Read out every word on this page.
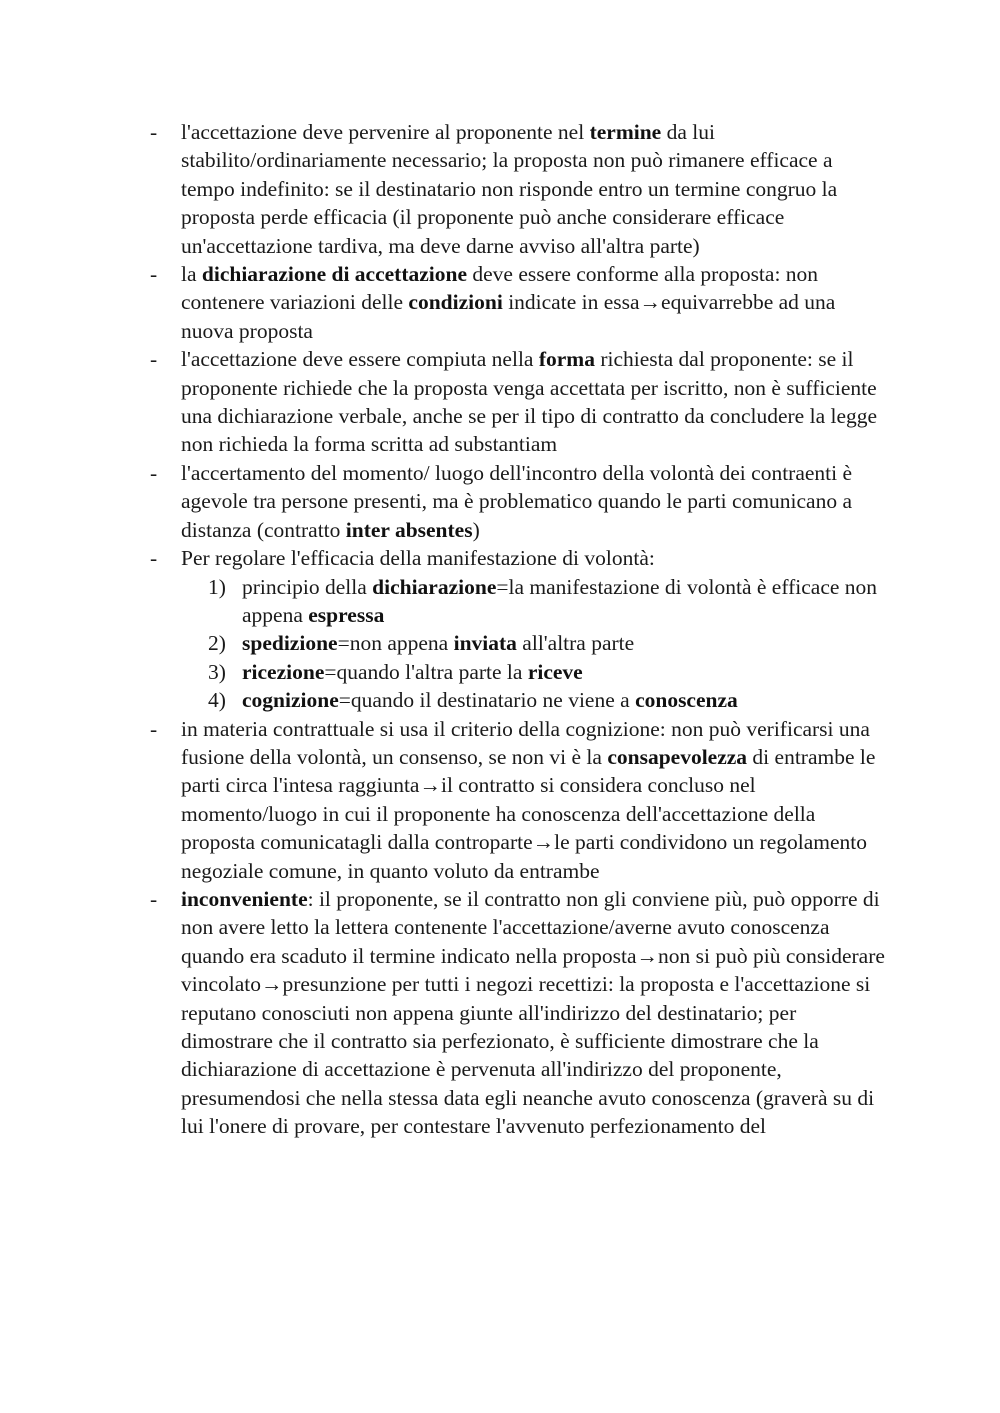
-	l'accettazione deve pervenire al proponente nel termine da lui stabilito/ordinariamente necessario; la proposta non può rimanere efficace a tempo indefinito: se il destinatario non risponde entro un termine congruo la proposta perde efficacia (il proponente può anche considerare efficace un'accettazione tardiva, ma deve darne avviso all'altra parte)
-	la dichiarazione di accettazione deve essere conforme alla proposta: non contenere variazioni delle condizioni indicate in essa→equivarrebbe ad una nuova proposta
-	l'accettazione deve essere compiuta nella forma richiesta dal proponente: se il proponente richiede che la proposta venga accettata per iscritto, non è sufficiente una dichiarazione verbale, anche se per il tipo di contratto da concludere la legge non richieda la forma scritta ad substantiam
-	l'accertamento del momento/ luogo dell'incontro della volontà dei contraenti è agevole tra persone presenti, ma è problematico quando le parti comunicano a distanza (contratto inter absentes)
-	Per regolare l'efficacia della manifestazione di volontà:
1) principio della dichiarazione=la manifestazione di volontà è efficace non appena espressa
2) spedizione=non appena inviata all'altra parte
3) ricezione=quando l'altra parte la riceve
4) cognizione=quando il destinatario ne viene a conoscenza
-	in materia contrattuale si usa il criterio della cognizione: non può verificarsi una fusione della volontà, un consenso, se non vi è la consapevolezza di entrambe le parti circa l'intesa raggiunta→il contratto si considera concluso nel momento/luogo in cui il proponente ha conoscenza dell'accettazione della proposta comunicatagli dalla controparte→le parti condividono un regolamento negoziale comune, in quanto voluto da entrambe
-	inconveniente: il proponente, se il contratto non gli conviene più, può opporre di non avere letto la lettera contenente l'accettazione/averne avuto conoscenza quando era scaduto il termine indicato nella proposta→non si può più considerare vincolato→presunzione per tutti i negozi recettizi: la proposta e l'accettazione si reputano conosciuti non appena giunte all'indirizzo del destinatario; per dimostrare che il contratto sia perfezionato, è sufficiente dimostrare che la dichiarazione di accettazione è pervenuta all'indirizzo del proponente, presumendosi che nella stessa data egli neanche avuto conoscenza (graverà su di lui l'onere di provare, per contestare l'avvenuto perfezionamento del
